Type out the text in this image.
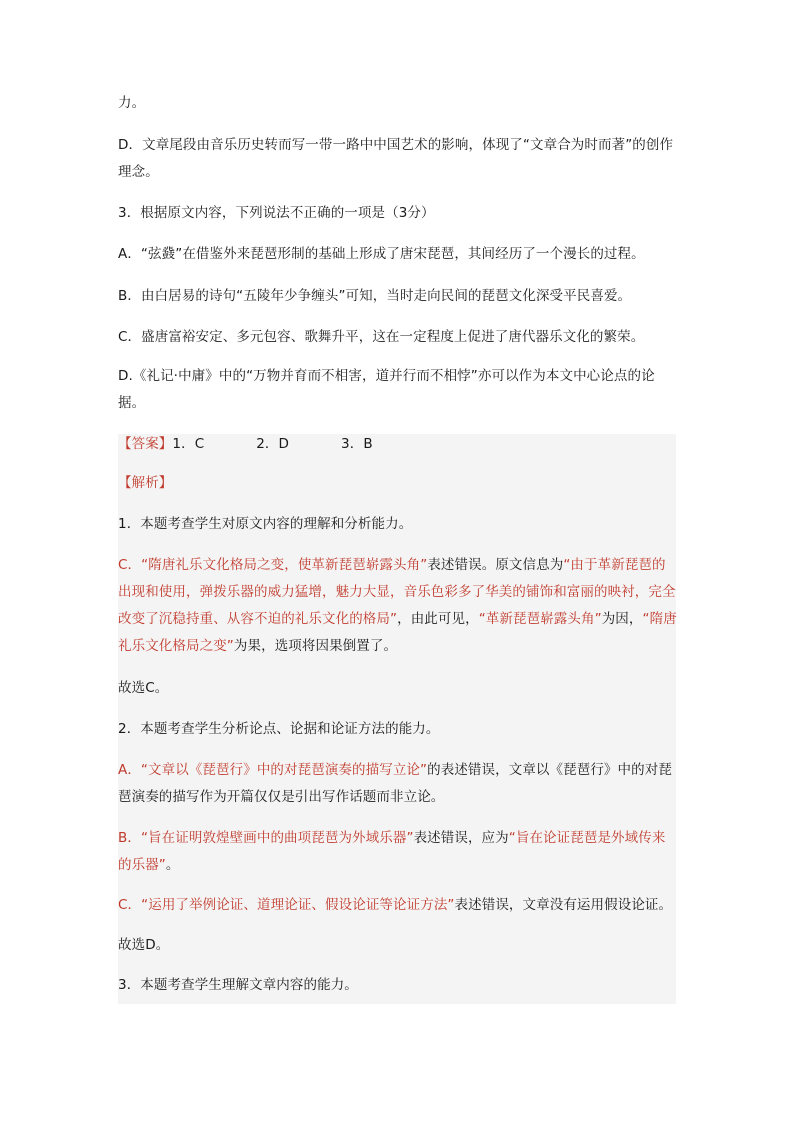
力。

D．文章尾段由音乐历史转而写一带一路中中国艺术的影响，体现了“文章合为时而著”的创作理念。

3．根据原文内容，下列说法不正确的一项是（3分）

A．“弦鼗”在借鉴外来琵琶形制的基础上形成了唐宋琵琶，其间经历了一个漫长的过程。

B．由白居易的诗句“五陵年少争缠头”可知，当时走向民间的琵琶文化深受平民喜爱。

C．盛唐富裕安定、多元包容、歌舞升平，这在一定程度上促进了唐代器乐文化的繁荣。

D.《礼记·中庸》中的“万物并育而不相害，道并行而不相悖”亦可以作为本文中心论点的论据。

【答案】1．C	2．D	3．B

【解析】

1．本题考查学生对原文内容的理解和分析能力。

C．“隋唐礼乐文化格局之变，使革新琵琶崭露头角”表述错误。原文信息为“由于革新琵琶的出现和使用，弹拨乐器的威力猛增，魅力大显，音乐色彩多了华美的铺饰和富丽的映衬，完全改变了沉稳持重、从容不迫的礼乐文化的格局”，由此可见，“革新琵琶崭露头角”为因，“隋唐礼乐文化格局之变”为果，选项将因果倒置了。

故选C。

2．本题考查学生分析论点、论据和论证方法的能力。

A．“文章以《琵琶行》中的对琵琶演奏的描写立论”的表述错误，文章以《琵琶行》中的对琵琶演奏的描写作为开篇仅仅是引出写作话题而非立论。

B．“旨在证明敦煌壁画中的曲项琵琶为外域乐器”表述错误，应为“旨在论证琵琶是外域传来的乐器”。

C．“运用了举例论证、道理论证、假设论证等论证方法”表述错误，文章没有运用假设论证。

故选D。

3．本题考查学生理解文章内容的能力。
